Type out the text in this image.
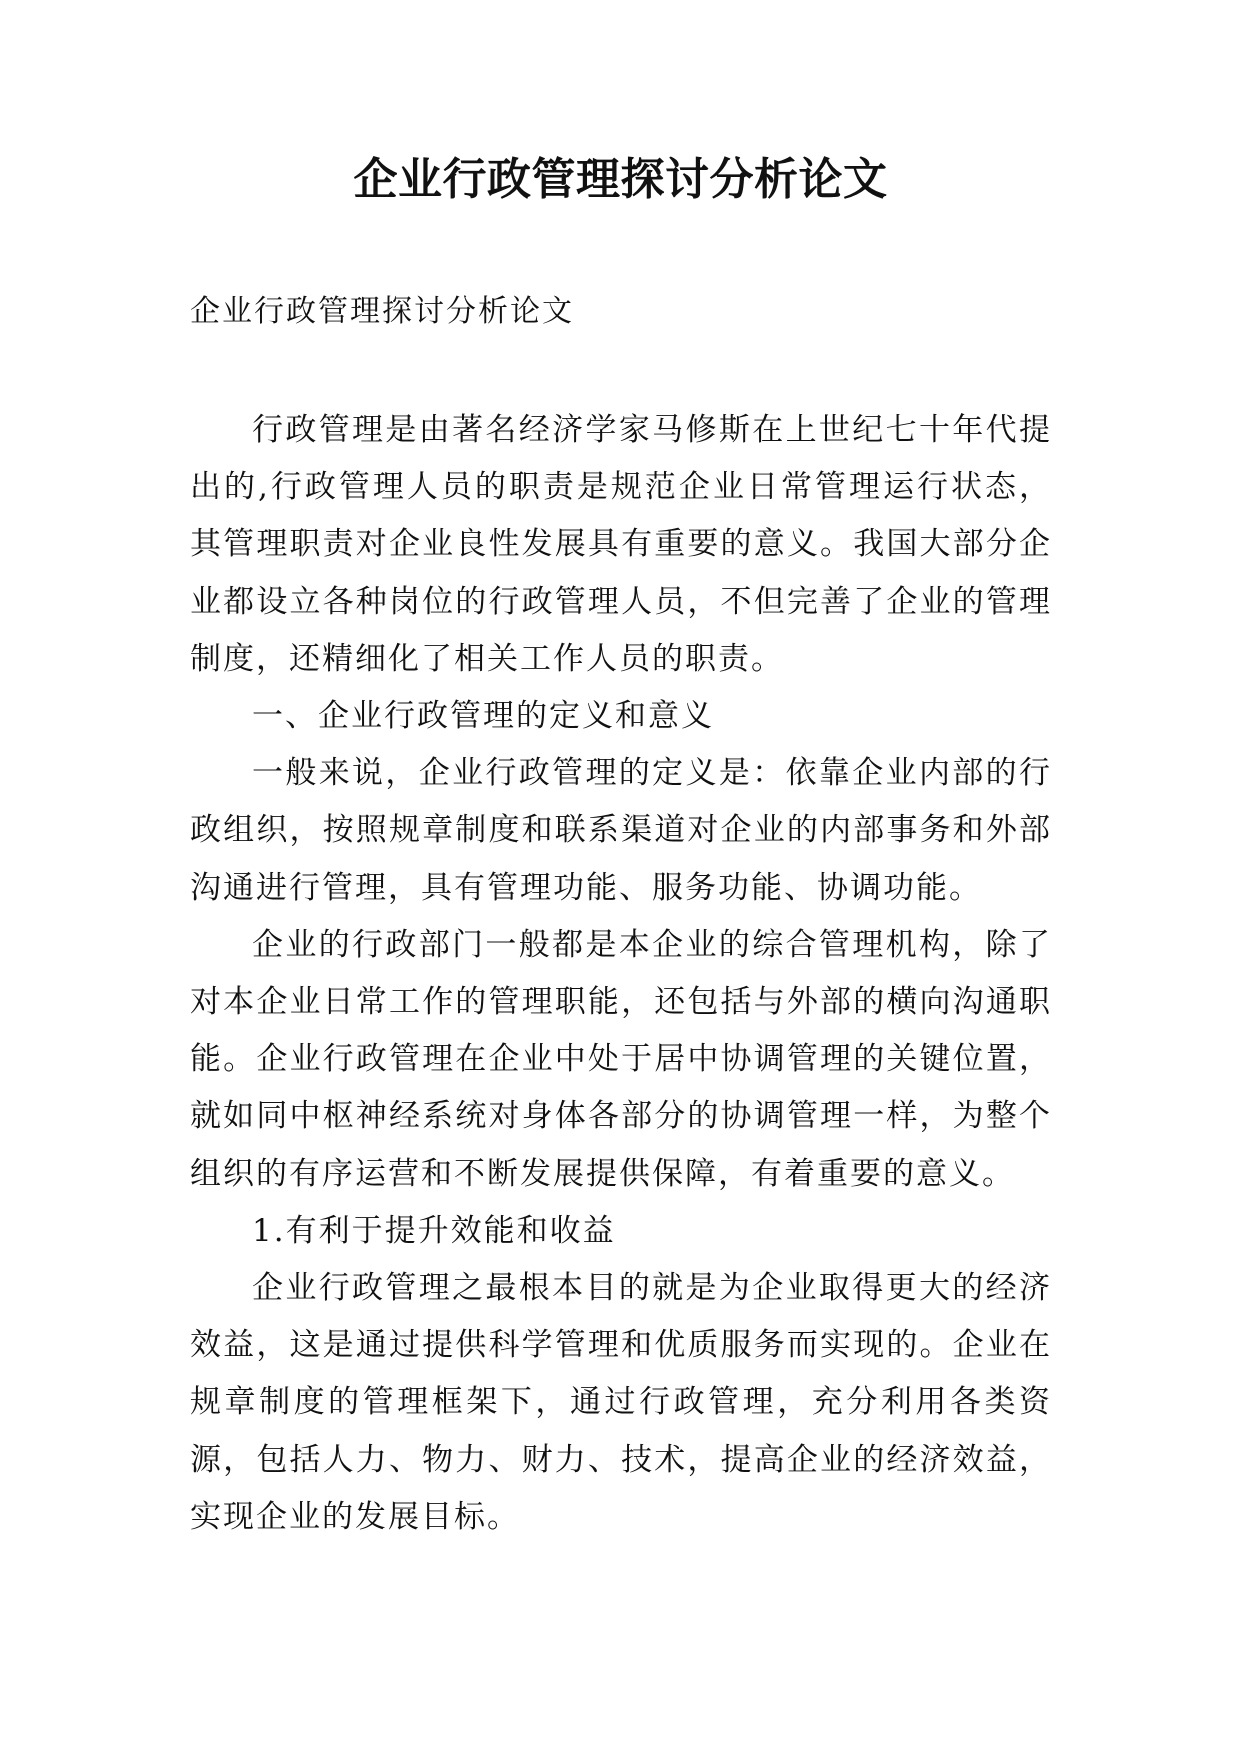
企业行政管理探讨分析论文
企业行政管理探讨分析论文

行政管理是由著名经济学家马修斯在上世纪七十年代提出的,行政管理人员的职责是规范企业日常管理运行状态，其管理职责对企业良性发展具有重要的意义。我国大部分企业都设立各种岗位的行政管理人员，不但完善了企业的管理制度，还精细化了相关工作人员的职责。

一、企业行政管理的定义和意义

一般来说，企业行政管理的定义是：依靠企业内部的行政组织，按照规章制度和联系渠道对企业的内部事务和外部沟通进行管理，具有管理功能、服务功能、协调功能。

企业的行政部门一般都是本企业的综合管理机构，除了对本企业日常工作的管理职能，还包括与外部的横向沟通职能。企业行政管理在企业中处于居中协调管理的关键位置，就如同中枢神经系统对身体各部分的协调管理一样，为整个组织的有序运营和不断发展提供保障，有着重要的意义。

1.有利于提升效能和收益

企业行政管理之最根本目的就是为企业取得更大的经济效益，这是通过提供科学管理和优质服务而实现的。企业在规章制度的管理框架下，通过行政管理，充分利用各类资源，包括人力、物力、财力、技术，提高企业的经济效益，实现企业的发展目标。
